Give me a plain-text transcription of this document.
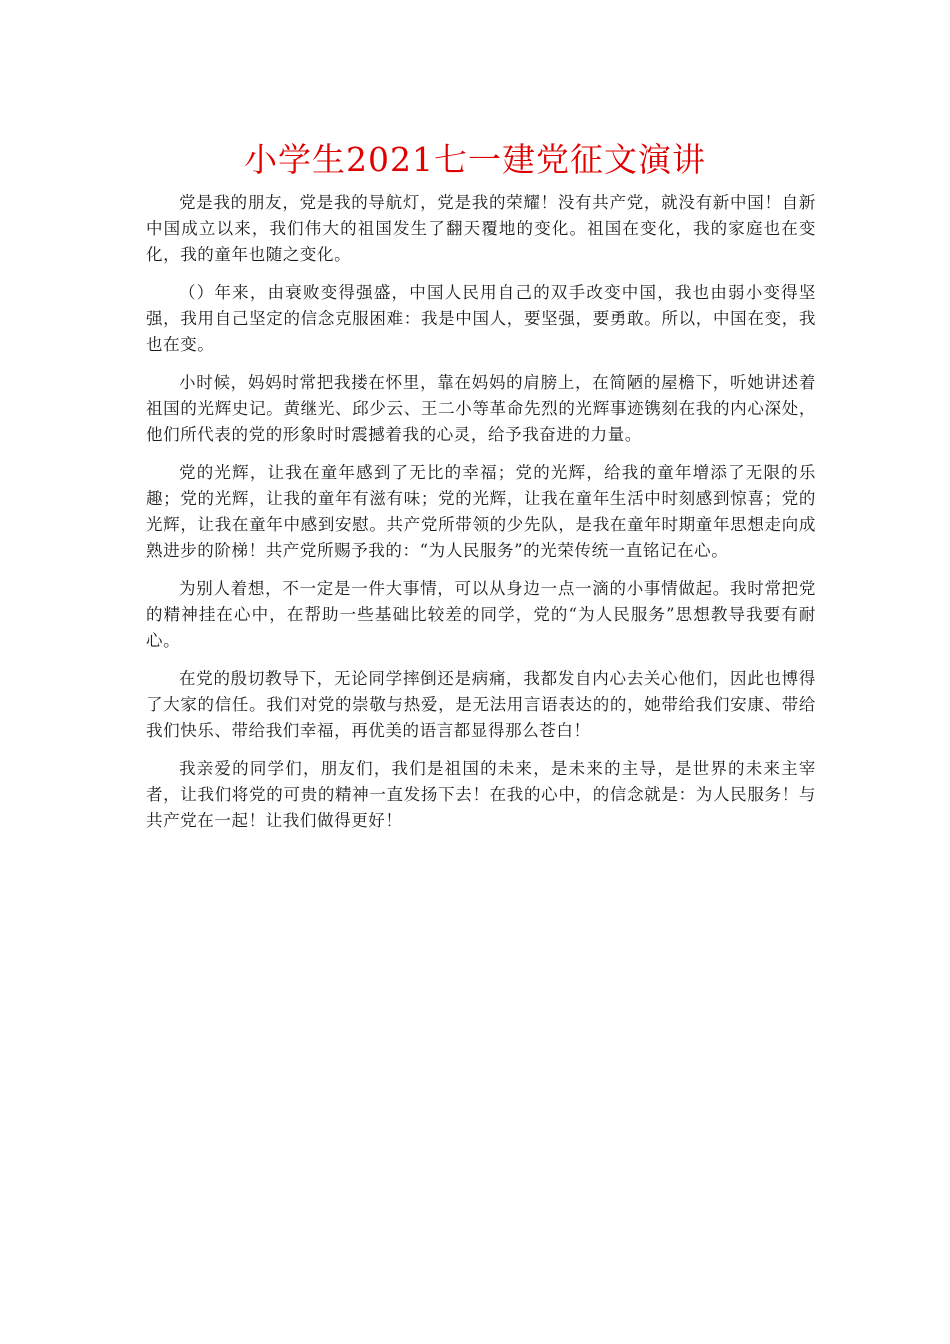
小学生2021七一建党征文演讲

党是我的朋友，党是我的导航灯，党是我的荣耀！没有共产党，就没有新中国！自新中国成立以来，我们伟大的祖国发生了翻天覆地的变化。祖国在变化，我的家庭也在变化，我的童年也随之变化。

（）年来，由衰败变得强盛，中国人民用自己的双手改变中国，我也由弱小变得坚强，我用自己坚定的信念克服困难：我是中国人，要坚强，要勇敢。所以，中国在变，我也在变。

小时候，妈妈时常把我搂在怀里，靠在妈妈的肩膀上，在简陋的屋檐下，听她讲述着祖国的光辉史记。黄继光、邱少云、王二小等革命先烈的光辉事迹镌刻在我的内心深处，他们所代表的党的形象时时震撼着我的心灵，给予我奋进的力量。

党的光辉，让我在童年感到了无比的幸福；党的光辉，给我的童年增添了无限的乐趣；党的光辉，让我的童年有滋有味；党的光辉，让我在童年生活中时刻感到惊喜；党的光辉，让我在童年中感到安慰。共产党所带领的少先队，是我在童年时期童年思想走向成熟进步的阶梯！共产党所赐予我的：“为人民服务”的光荣传统一直铭记在心。

为别人着想，不一定是一件大事情，可以从身边一点一滴的小事情做起。我时常把党的精神挂在心中，在帮助一些基础比较差的同学，党的“为人民服务”思想教导我要有耐心。

在党的殷切教导下，无论同学摔倒还是病痛，我都发自内心去关心他们，因此也博得了大家的信任。我们对党的崇敬与热爱，是无法用言语表达的的，她带给我们安康、带给我们快乐、带给我们幸福，再优美的语言都显得那么苍白！

我亲爱的同学们，朋友们，我们是祖国的未来，是未来的主导，是世界的未来主宰者，让我们将党的可贵的精神一直发扬下去！在我的心中，的信念就是：为人民服务！与共产党在一起！让我们做得更好！
